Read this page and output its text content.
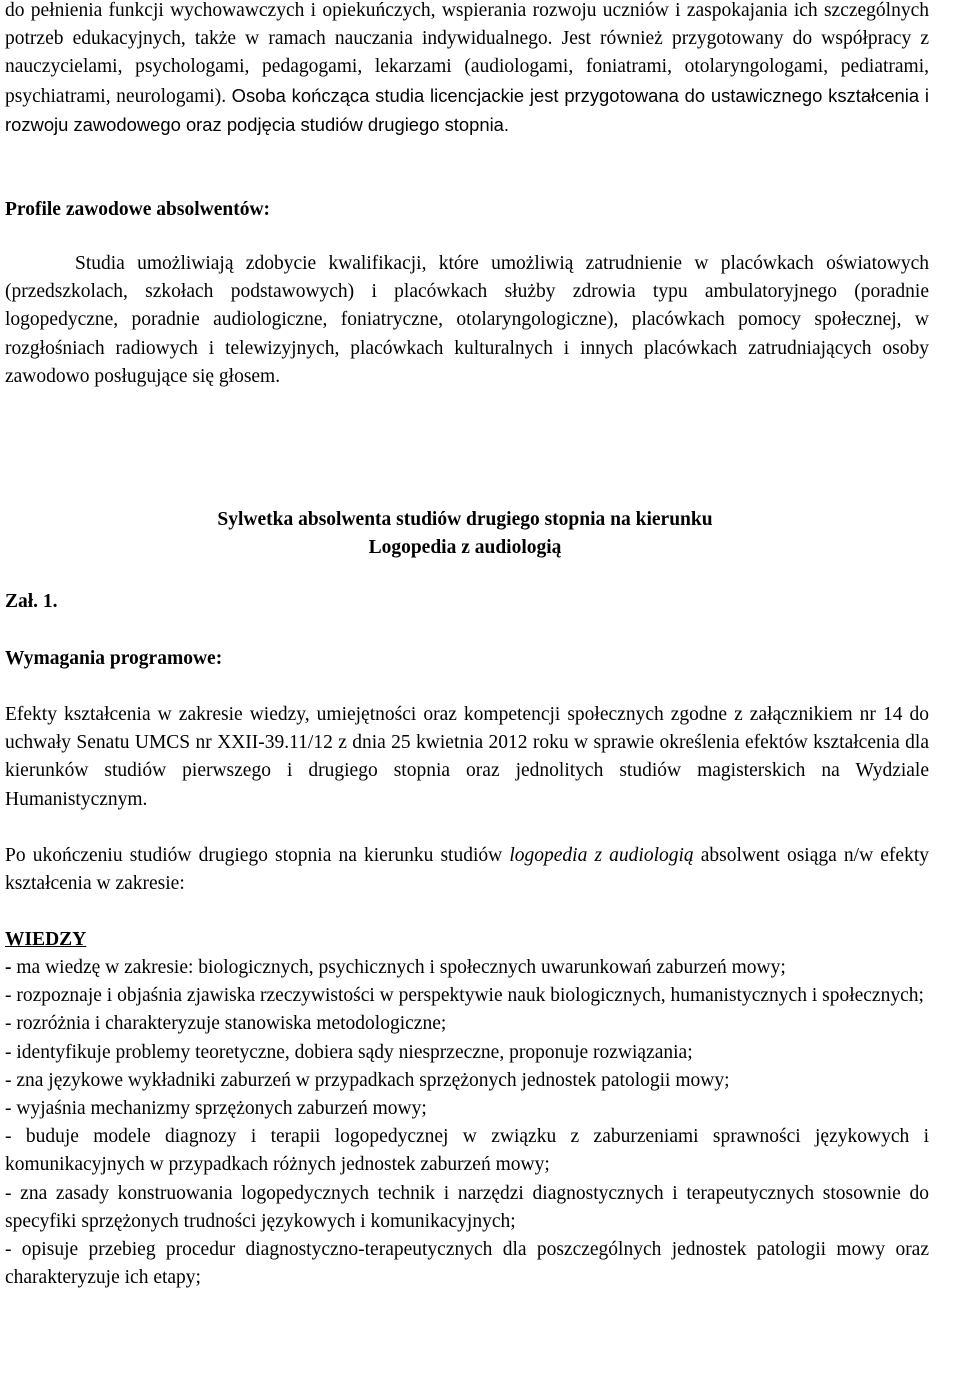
do pełnienia funkcji wychowawczych i opiekuńczych, wspierania rozwoju uczniów i zaspokajania ich szczególnych potrzeb edukacyjnych, także w ramach nauczania indywidualnego. Jest również przygotowany do współpracy z nauczycielami, psychologami, pedagogami, lekarzami (audiologami, foniatrami, otolaryngologami, pediatrami, psychiatrami, neurologami). Osoba kończąca studia licencjackie jest przygotowana do ustawicznego kształcenia i rozwoju zawodowego oraz podjęcia studiów drugiego stopnia.

Profile zawodowe absolwentów:

Studia umożliwiają zdobycie kwalifikacji, które umożliwią zatrudnienie w placówkach oświatowych (przedszkolach, szkołach podstawowych) i placówkach służby zdrowia typu ambulatoryjnego (poradnie logopedyczne, poradnie audiologiczne, foniatryczne, otolaryngologiczne), placówkach pomocy społecznej, w rozgłośniach radiowych i telewizyjnych, placówkach kulturalnych i innych placówkach zatrudniających osoby zawodowo posługujące się głosem.

Sylwetka absolwenta studiów drugiego stopnia na kierunku
Logopedia z audiologią

Zał. 1.

Wymagania programowe:

Efekty kształcenia w zakresie wiedzy, umiejętności oraz kompetencji społecznych zgodne z załącznikiem nr 14 do uchwały Senatu UMCS nr XXII-39.11/12 z dnia 25 kwietnia 2012 roku w sprawie określenia efektów kształcenia dla kierunków studiów pierwszego i drugiego stopnia oraz jednolitych studiów magisterskich na Wydziale Humanistycznym.

Po ukończeniu studiów drugiego stopnia na kierunku studiów logopedia z audiologią absolwent osiąga n/w efekty kształcenia w zakresie:

WIEDZY

- ma wiedzę w zakresie: biologicznych, psychicznych i społecznych uwarunkowań zaburzeń mowy;

- rozpoznaje i objaśnia zjawiska rzeczywistości w perspektywie nauk biologicznych, humanistycznych i społecznych;

- rozróżnia i charakteryzuje stanowiska metodologiczne;

- identyfikuje problemy teoretyczne, dobiera sądy niesprzeczne, proponuje rozwiązania;

- zna językowe wykładniki zaburzeń w przypadkach sprzężonych jednostek patologii mowy;

- wyjaśnia mechanizmy sprzężonych zaburzeń mowy;

- buduje modele diagnozy i terapii logopedycznej w związku z zaburzeniami sprawności językowych i komunikacyjnych w przypadkach różnych jednostek zaburzeń mowy;

- zna zasady konstruowania logopedycznych technik i narzędzi diagnostycznych i terapeutycznych stosownie do specyfiki sprzężonych trudności językowych i komunikacyjnych;

- opisuje przebieg procedur diagnostyczno-terapeutycznych dla poszczególnych jednostek patologii mowy oraz charakteryzuje ich etapy;
